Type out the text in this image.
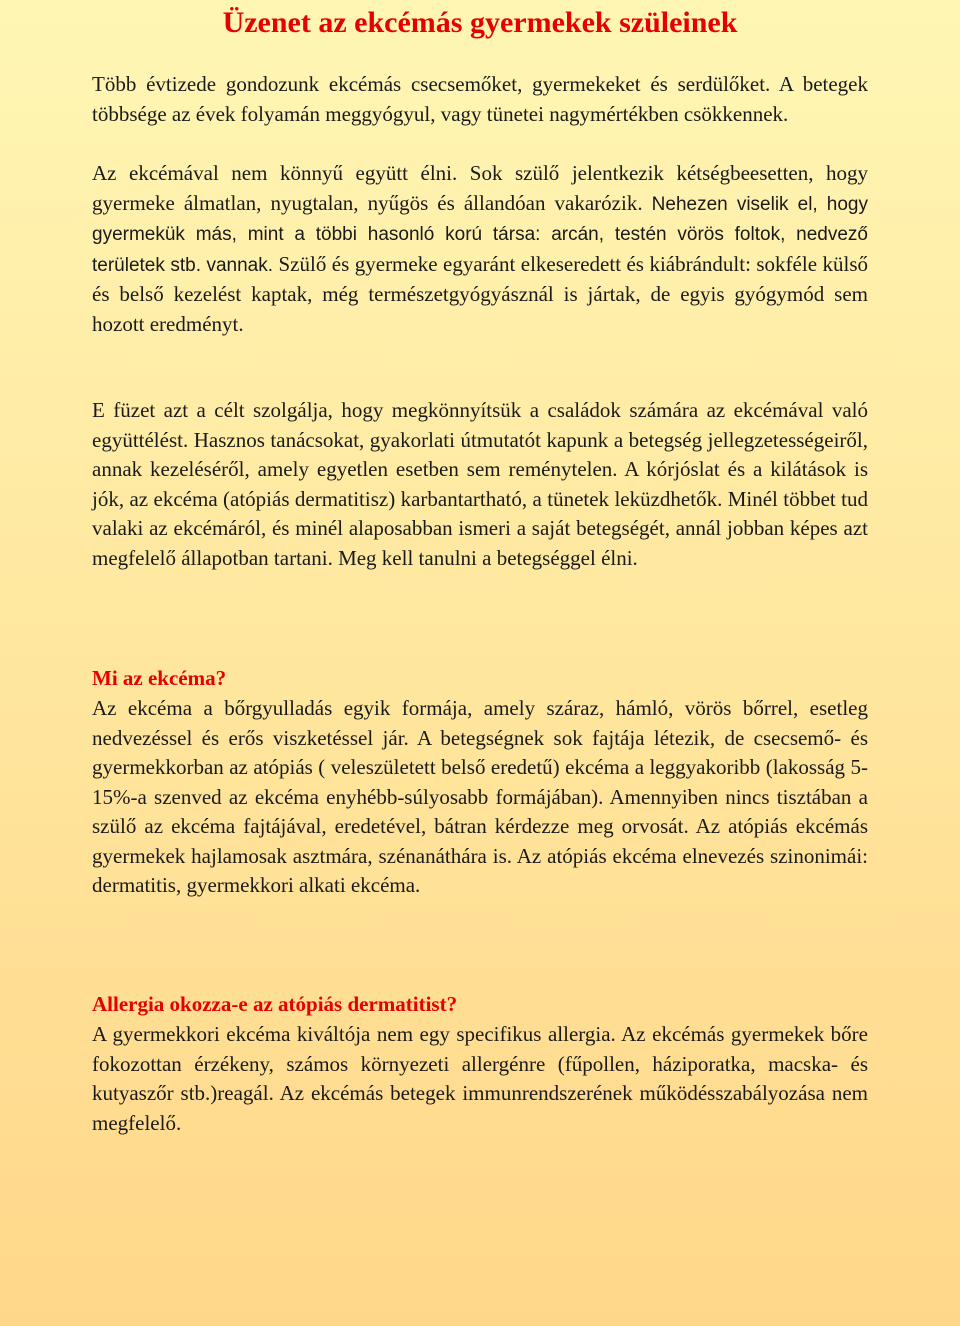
Üzenet az ekcémás gyermekek szüleinek

Több évtizede gondozunk ekcémás csecsemőket, gyermekeket és serdülőket. A betegek többsége az évek folyamán meggyógyul, vagy tünetei nagymértékben csökkennek.

Az ekcémával nem könnyű együtt élni. Sok szülő jelentkezik kétségbeesetten, hogy gyermeke álmatlan, nyugtalan, nyűgös és állandóan vakarózik. Nehezen viselik el, hogy gyermekük más, mint a többi hasonló korú társa: arcán, testén vörös foltok, nedvező területek stb. vannak. Szülő és gyermeke egyaránt elkeseredett és kiábrándult: sokféle külső és belső kezelést kaptak, még természetgyógyásznál is jártak, de egyis gyógymód sem hozott eredményt.

E füzet azt a célt szolgálja, hogy megkönnyítsük a családok számára az ekcémával való együttélést. Hasznos tanácsokat, gyakorlati útmutatót kapunk a betegség jellegzetességeiről, annak kezeléséről, amely egyetlen esetben sem reménytelen. A kórjóslat és a kilátások is jók, az ekcéma (atópiás dermatitisz) karbantartható, a tünetek leküzdhetők. Minél többet tud valaki az ekcémáról, és minél alaposabban ismeri a saját betegségét, annál jobban képes azt megfelelő állapotban tartani. Meg kell tanulni a betegséggel élni.

Mi az ekcéma?

Az ekcéma a bőrgyulladás egyik formája, amely száraz, hámló, vörös bőrrel, esetleg nedvezéssel és erős viszketéssel jár. A betegségnek sok fajtája létezik, de csecsemő- és gyermekkorban az atópiás ( veleszületett belső eredetű) ekcéma a leggyakoribb (lakosság 5-15%-a szenved az ekcéma enyhébb-súlyosabb formájában). Amennyiben nincs tisztában a szülő az ekcéma fajtájával, eredetével, bátran kérdezze meg orvosát. Az atópiás ekcémás gyermekek hajlamosak asztmára, szénanáthára is. Az atópiás ekcéma elnevezés szinonimái: dermatitis, gyermekkori alkati ekcéma.

Allergia okozza-e az atópiás dermatitist?

A gyermekkori ekcéma kiváltója nem egy specifikus allergia. Az ekcémás gyermekek bőre fokozottan érzékeny, számos környezeti allergénre (fűpollen, háziporatka, macska- és kutyaszőr stb.)reagál. Az ekcémás betegek immunrendszerének működésszabályozása nem megfelelő.
